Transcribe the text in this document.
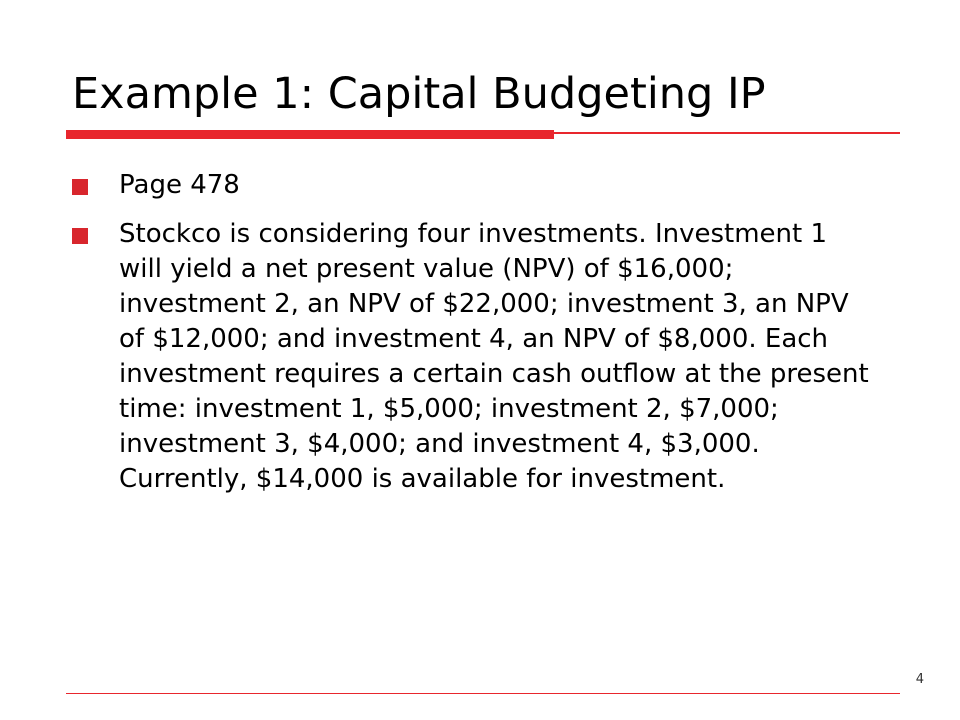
Example 1: Capital Budgeting IP
Page 478
Stockco is considering four investments. Investment 1 will yield a net present value (NPV) of $16,000; investment 2, an NPV of $22,000; investment 3, an NPV of $12,000; and investment 4, an NPV of $8,000. Each investment requires a certain cash outflow at the present time: investment 1, $5,000; investment 2, $7,000; investment 3, $4,000; and investment 4, $3,000. Currently, $14,000 is available for investment.
4
